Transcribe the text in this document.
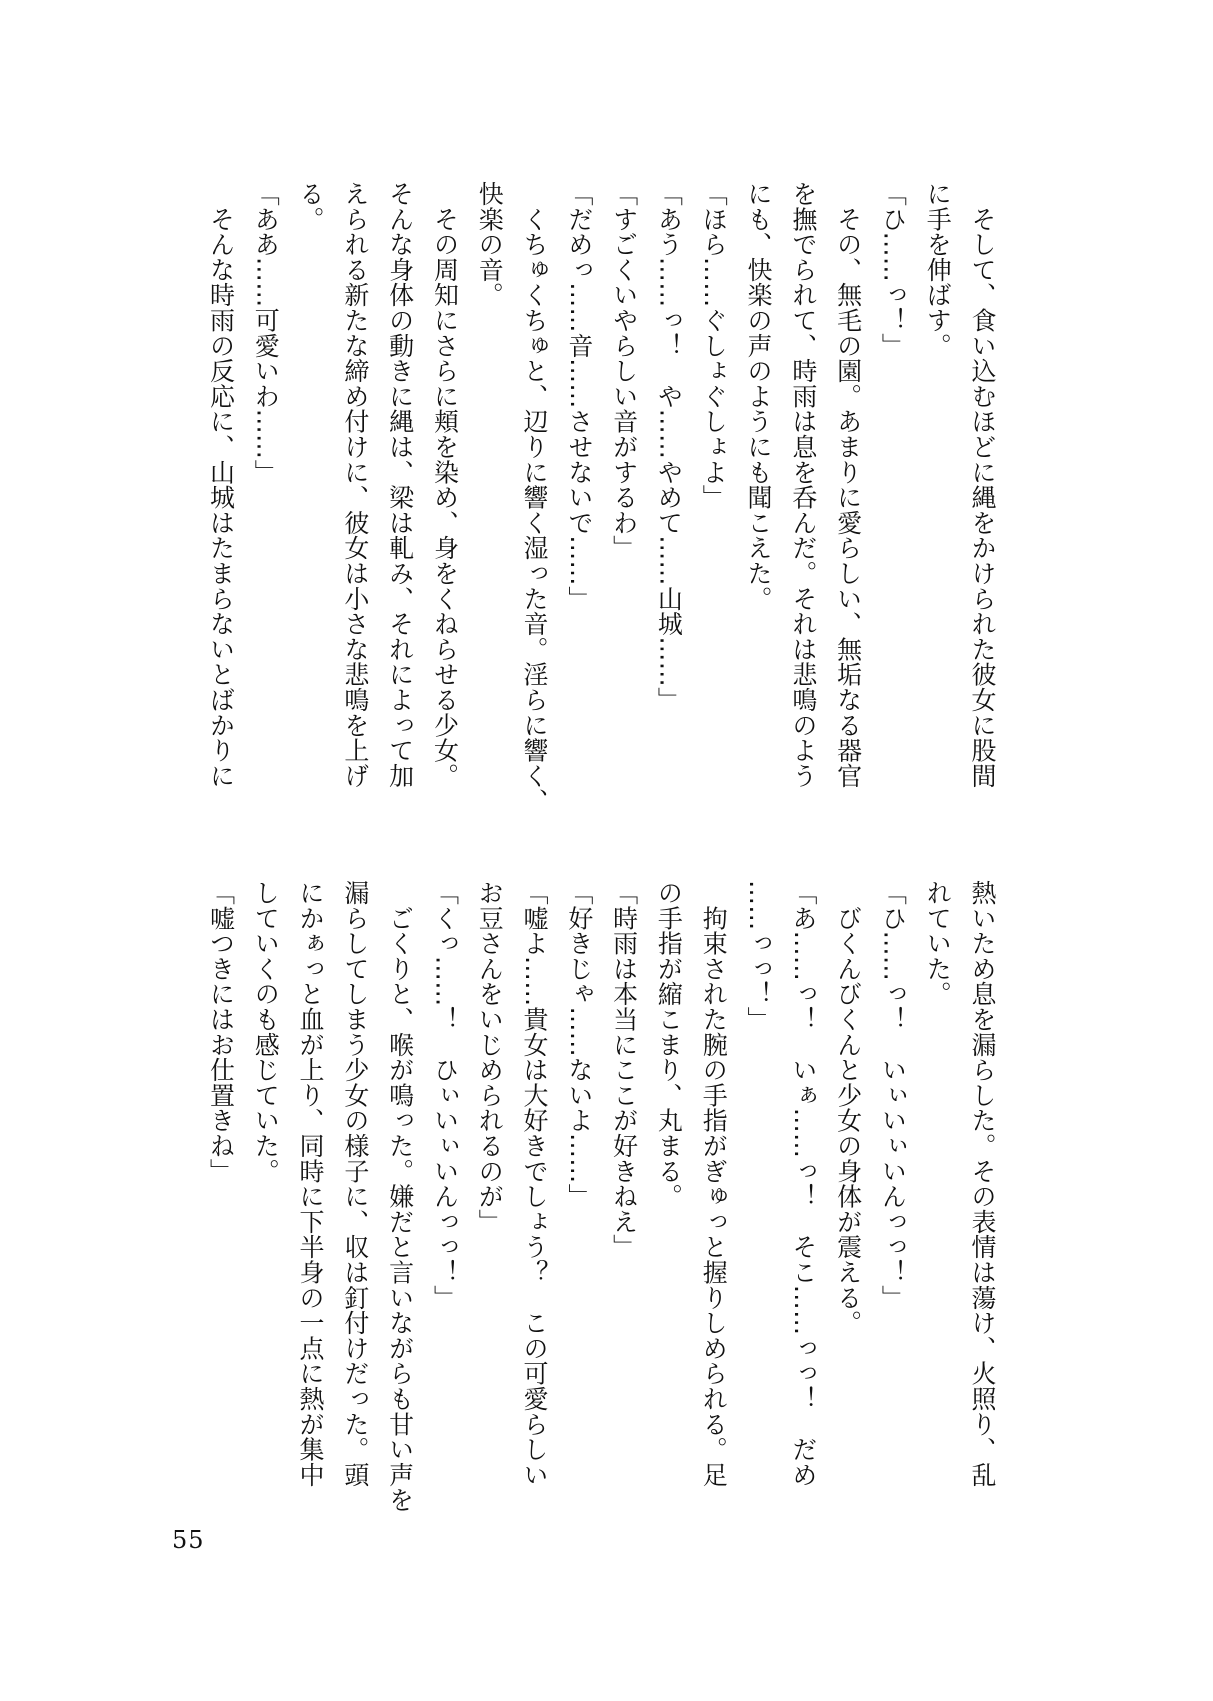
　そして、食い込むほどに縄をかけられた彼女に股間
に手を伸ばす。
「ひ……っ！」
　その、無毛の園。あまりに愛らしい、無垢なる器官
を撫でられて、時雨は息を呑んだ。それは悲鳴のよう
にも、快楽の声のようにも聞こえた。
「ほら……ぐしょぐしょよ」
「あう……っ！　や……やめて……山城……」
「すごくいやらしい音がするわ」
「だめっ……音……させないで……」
　くちゅくちゅと、辺りに響く湿った音。淫らに響く、
快楽の音。
　その周知にさらに頬を染め、身をくねらせる少女。
そんな身体の動きに縄は、梁は軋み、それによって加
えられる新たな締め付けに、彼女は小さな悲鳴を上げ
る。
「ああ……可愛いわ……」
　そんな時雨の反応に、山城はたまらないとばかりに
熱いため息を漏らした。その表情は蕩け、火照り、乱
れていた。
「ひ……っ！　いぃいぃいんっっ！」
　びくんびくんと少女の身体が震える。
「あ……っ！　いぁ……っ！　そこ……っっ！　だめ
……っっ！」
　拘束された腕の手指がぎゅっと握りしめられる。足
の手指が縮こまり、丸まる。
「時雨は本当にここが好きねえ」
「好きじゃ……ないよ……」
「嘘よ……貴女は大好きでしょう？　この可愛らしい
お豆さんをいじめられるのが」
「くっ……！　ひぃいぃいんっっ！」
　ごくりと、喉が鳴った。嫌だと言いながらも甘い声を
漏らしてしまう少女の様子に、収は釘付けだった。頭
にかぁっと血が上り、同時に下半身の一点に熱が集中
していくのも感じていた。
「嘘つきにはお仕置きね」
55
